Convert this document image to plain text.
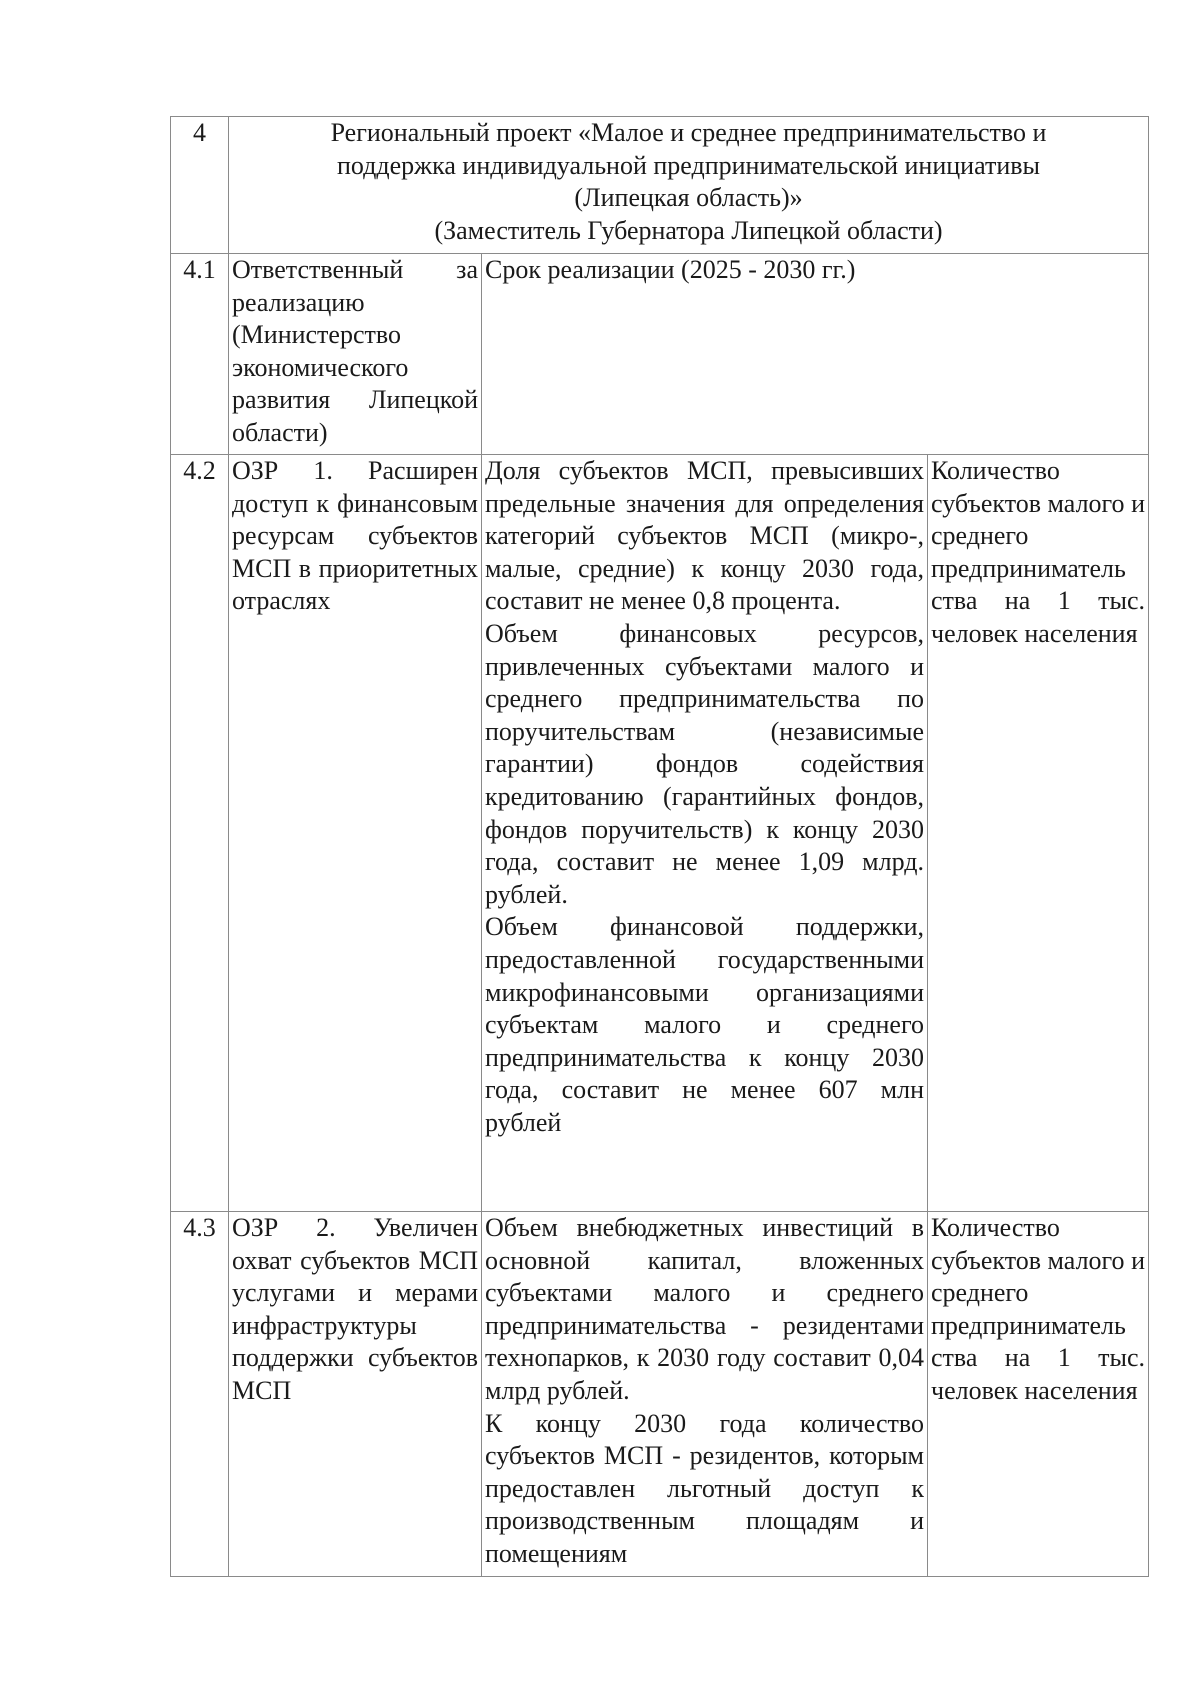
4	Региональный проект «Малое и среднее предпринимательство и
поддержка индивидуальной предпринимательской инициативы
(Липецкая область)»
(Заместитель Губернатора Липецкой области)		

4.1	Ответственный за реализацию (Министерство экономического развития Липецкой области)	Срок реализации (2025 - 2030 гг.)	
4.2	ОЗР 1. Расширен доступ к финансовым ресурсам субъектов МСП в приоритетных отраслях	Доля субъектов МСП, превысивших предельные значения для определения категорий субъектов МСП (микро-, малые, средние) к концу 2030 года, составит не менее 0,8 процента.
Объем финансовых ресурсов, привлеченных субъектами малого и среднего предпринимательства по поручительствам (независимые гарантии) фондов содействия кредитованию (гарантийных фондов, фондов поручительств) к концу 2030 года, составит не менее 1,09 млрд. рублей.
Объем финансовой поддержки, предоставленной государственными микрофинансовыми организациями субъектам малого и среднего предпринимательства к концу 2030 года, составит не менее 607 млн рублей	Количество субъектов малого и среднего предприниматель ства на 1 тыс. человек населения
4.3	ОЗР 2. Увеличен охват субъектов МСП услугами и мерами инфраструктуры поддержки субъектов МСП	Объем внебюджетных инвестиций в основной капитал, вложенных субъектами малого и среднего предпринимательства - резидентами технопарков, к 2030 году составит 0,04 млрд рублей.
К концу 2030 года количество субъектов МСП - резидентов, которым предоставлен льготный доступ к производственным площадям и помещениям	Количество субъектов малого и среднего предприниматель ства на 1 тыс. человек населения
